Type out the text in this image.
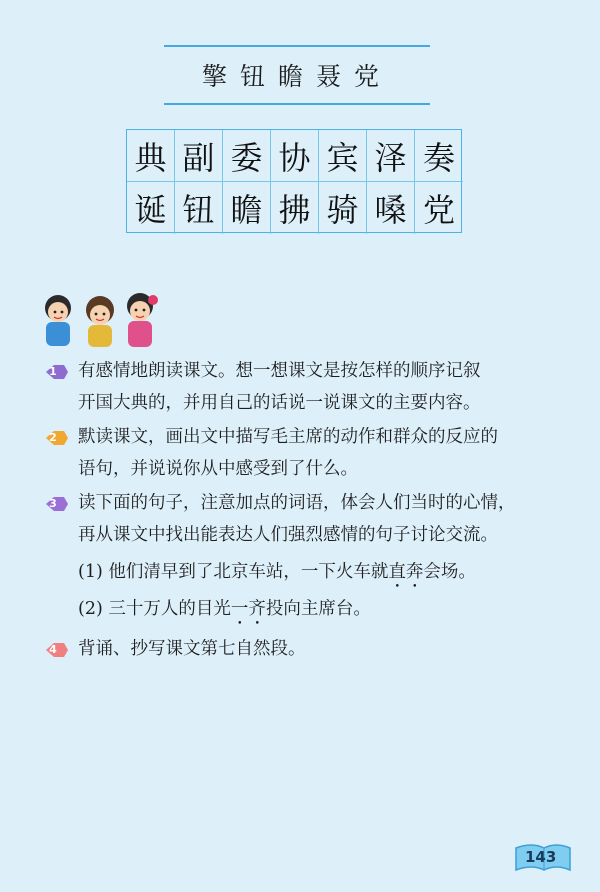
擎钮瞻聂党
典 副 委 协 宾 泽 奏
诞 钮 瞻 拂 骑 嗓 党
1 有感情地朗读课文。想一想课文是按怎样的顺序记叙
开国大典的，并用自己的话说一说课文的主要内容。
2 默读课文，画出文中描写毛主席的动作和群众的反应的
语句，并说说你从中感受到了什么。
3 读下面的句子，注意加点的词语，体会人们当时的心情，
再从课文中找出能表达人们强烈感情的句子讨论交流。
(1) 他们清早到了北京车站，一下火车就直奔会场。
(2) 三十万人的目光一齐投向主席台。
4 背诵、抄写课文第七自然段。
143
